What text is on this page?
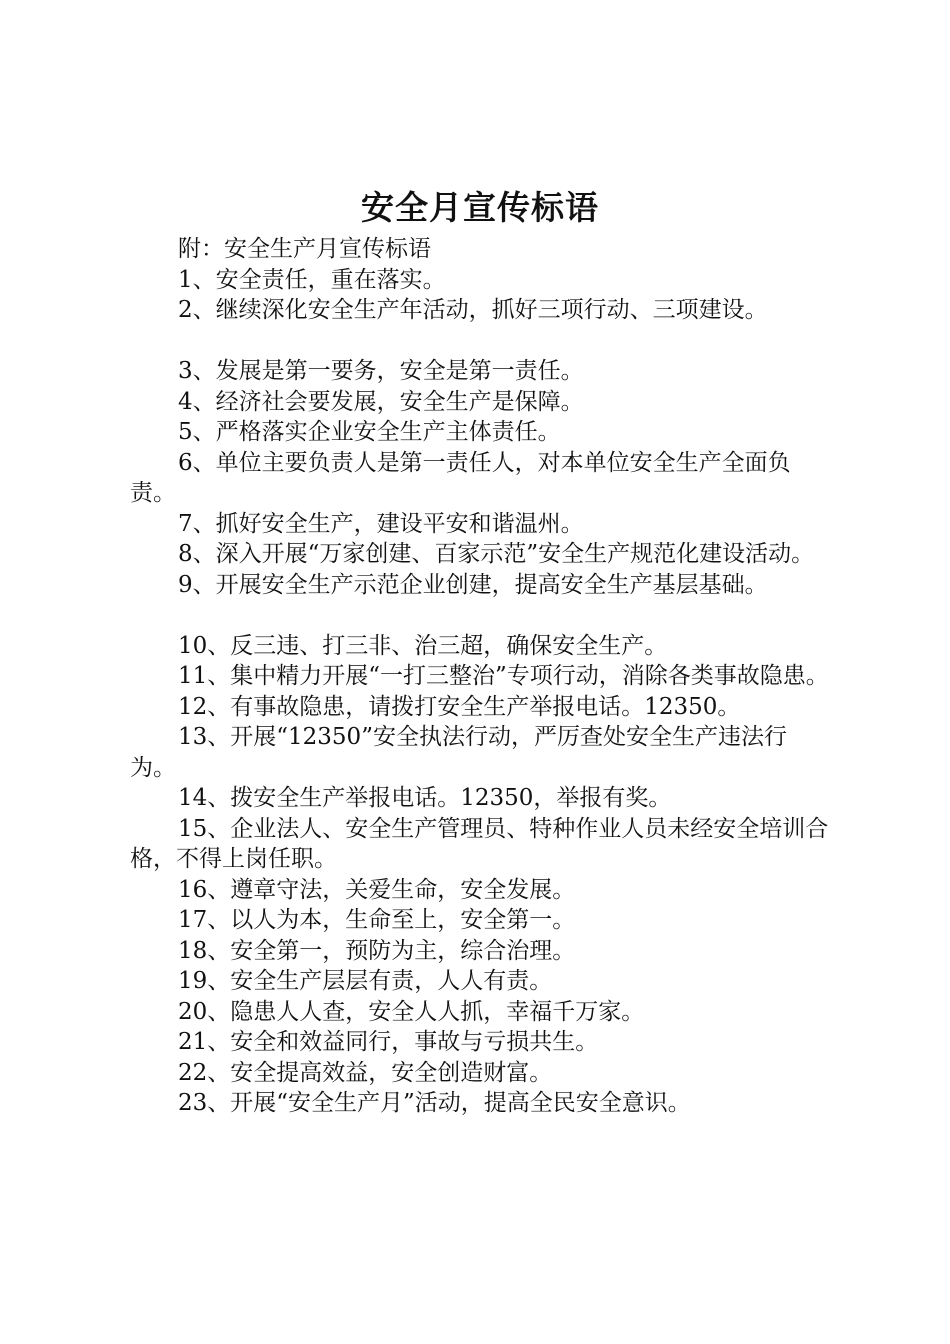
安全月宣传标语

附：安全生产月宣传标语

1、安全责任，重在落实。

2、继续深化安全生产年活动，抓好三项行动、三项建设。

3、发展是第一要务，安全是第一责任。

4、经济社会要发展，安全生产是保障。

5、严格落实企业安全生产主体责任。

6、单位主要负责人是第一责任人，对本单位安全生产全面负责。

7、抓好安全生产，建设平安和谐温州。

8、深入开展“万家创建、百家示范”安全生产规范化建设活动。

9、开展安全生产示范企业创建，提高安全生产基层基础。

10、反三违、打三非、治三超，确保安全生产。

11、集中精力开展“一打三整治”专项行动，消除各类事故隐患。

12、有事故隐患，请拨打安全生产举报电话。12350。

13、开展“12350”安全执法行动，严厉查处安全生产违法行为。

14、拨安全生产举报电话。12350，举报有奖。

15、企业法人、安全生产管理员、特种作业人员未经安全培训合格，不得上岗任职。

16、遵章守法，关爱生命，安全发展。

17、以人为本，生命至上，安全第一。

18、安全第一，预防为主，综合治理。

19、安全生产层层有责，人人有责。

20、隐患人人查，安全人人抓，幸福千万家。

21、安全和效益同行，事故与亏损共生。

22、安全提高效益，安全创造财富。

23、开展“安全生产月”活动，提高全民安全意识。
